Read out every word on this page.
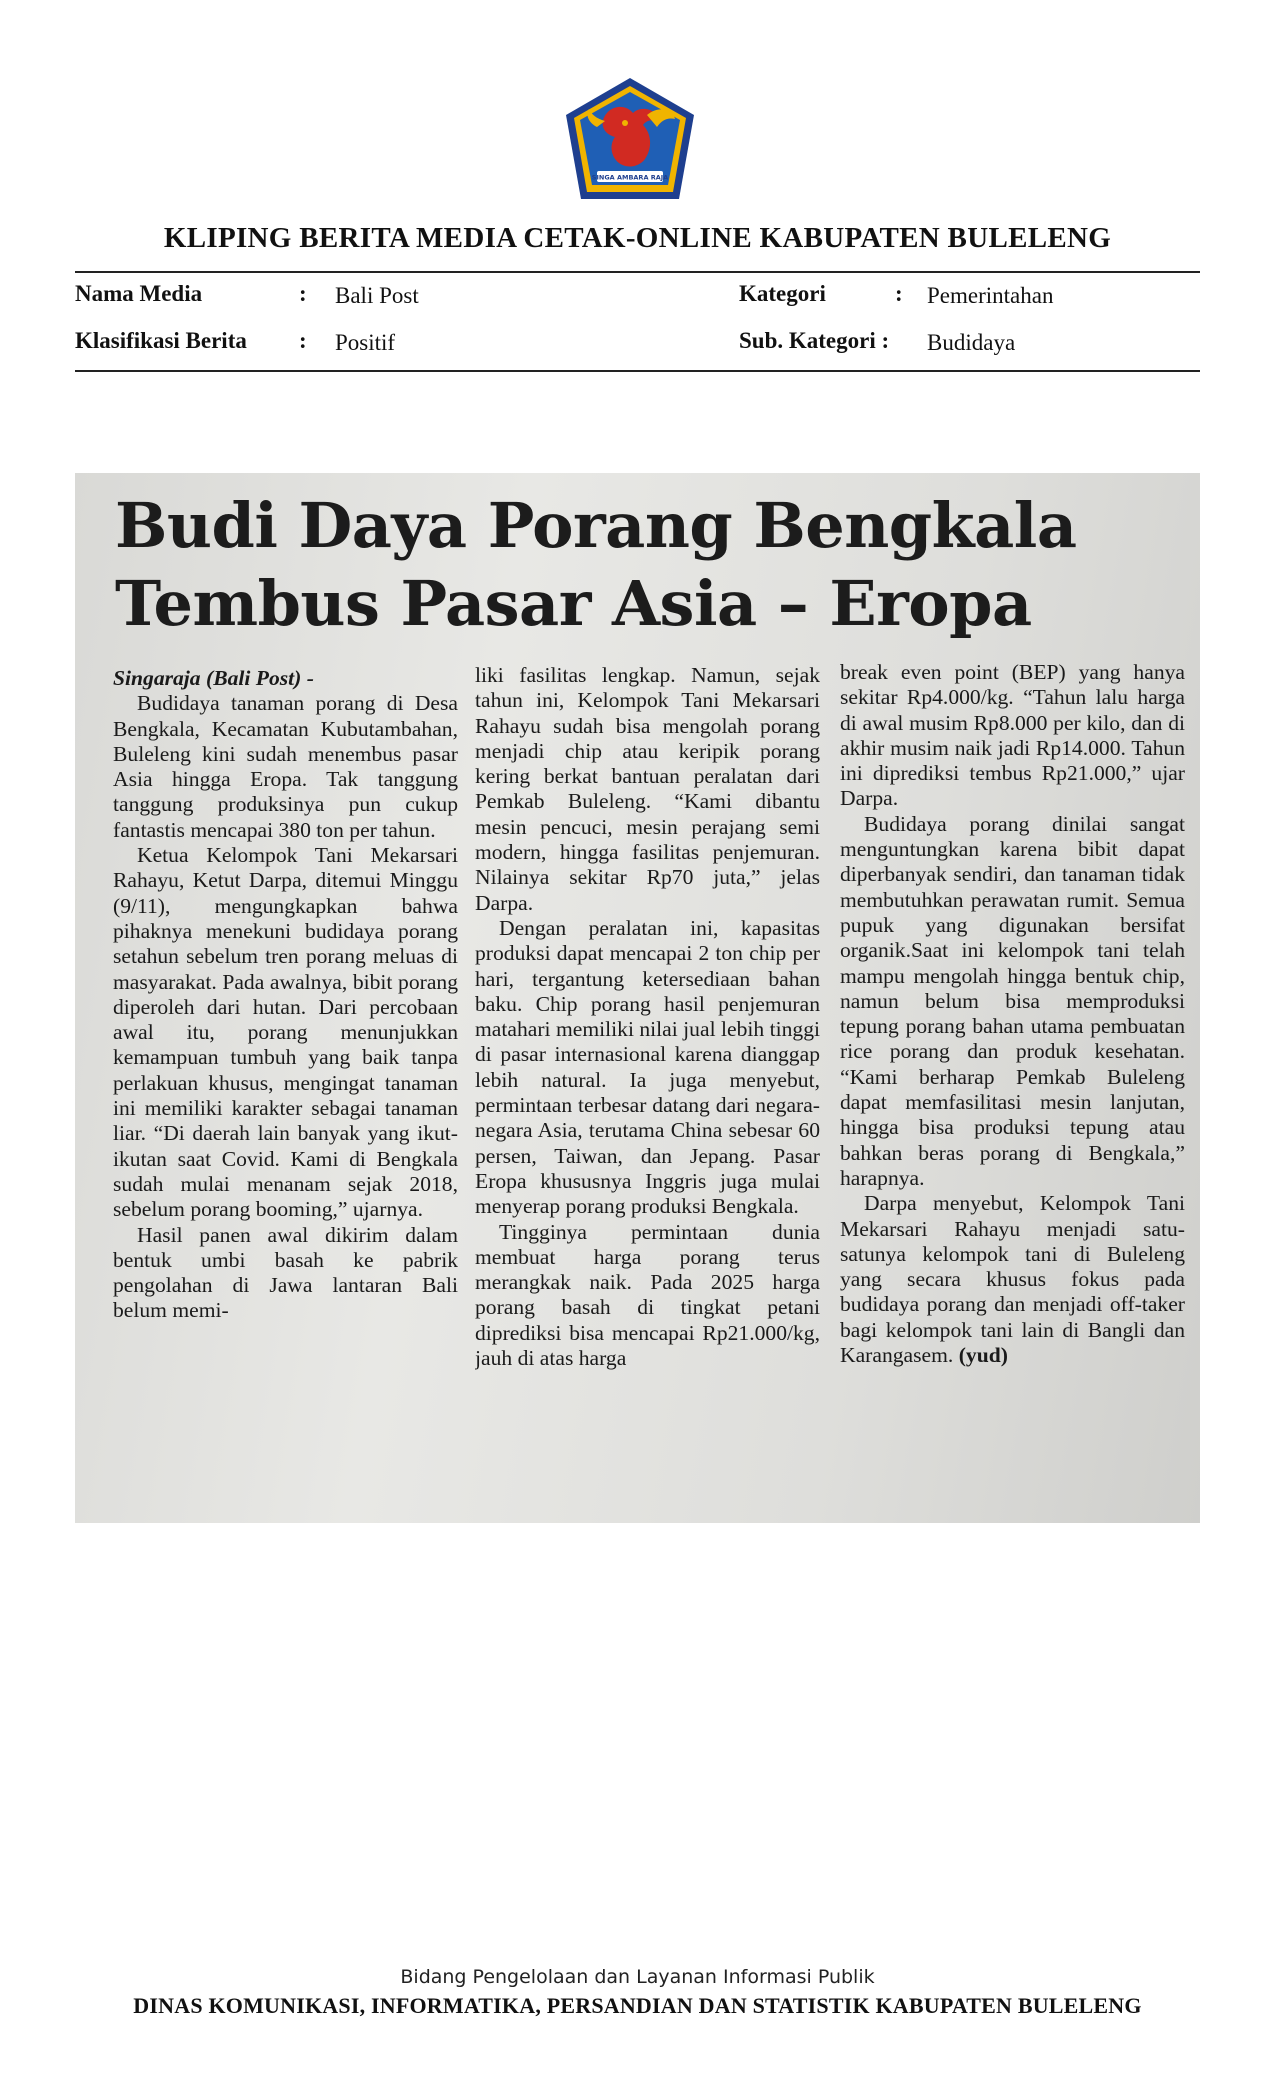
SINGA AMBARA RAJA
KLIPING BERITA MEDIA CETAK-ONLINE KABUPATEN BULELENG
Nama Media	: Bali Post	Kategori	: Pemerintahan
Klasifikasi Berita : Positif	Sub. Kategori : Budidaya
Budi Daya Porang Bengkala
Tembus Pasar Asia – Eropa

Singaraja (Bali Post) -

Budidaya tanaman porang di Desa Bengkala, Kecamatan Kubutambahan, Buleleng kini sudah menembus pasar Asia hingga Eropa. Tak tanggung tanggung produksinya pun cukup fantastis mencapai 380 ton per tahun.

Ketua Kelompok Tani Mekarsari Rahayu, Ketut Darpa, ditemui Minggu (9/11), mengungkapkan bahwa pihaknya menekuni budidaya porang setahun sebelum tren porang meluas di masyarakat. Pada awalnya, bibit porang diperoleh dari hutan. Dari percobaan awal itu, porang menunjukkan kemampuan tumbuh yang baik tanpa perlakuan khusus, mengingat tanaman ini memiliki karakter sebagai tanaman liar. “Di daerah lain banyak yang ikut-ikutan saat Covid. Kami di Bengkala sudah mulai menanam sejak 2018, sebelum porang booming,” ujarnya.

Hasil panen awal dikirim dalam bentuk umbi basah ke pabrik pengolahan di Jawa lantaran Bali belum memi-

liki fasilitas lengkap. Namun, sejak tahun ini, Kelompok Tani Mekarsari Rahayu sudah bisa mengolah porang menjadi chip atau keripik porang kering berkat bantuan peralatan dari Pemkab Buleleng. “Kami dibantu mesin pencuci, mesin perajang semi modern, hingga fasilitas penjemuran. Nilainya sekitar Rp70 juta,” jelas Darpa.

Dengan peralatan ini, kapasitas produksi dapat mencapai 2 ton chip per hari, tergantung ketersediaan bahan baku. Chip porang hasil penjemuran matahari memiliki nilai jual lebih tinggi di pasar internasional karena dianggap lebih natural. Ia juga menyebut, permintaan terbesar datang dari negara-negara Asia, terutama China sebesar 60 persen, Taiwan, dan Jepang. Pasar Eropa khususnya Inggris juga mulai menyerap porang produksi Bengkala.

Tingginya permintaan dunia membuat harga porang terus merangkak naik. Pada 2025 harga porang basah di tingkat petani diprediksi bisa mencapai Rp21.000/kg, jauh di atas harga

break even point (BEP) yang hanya sekitar Rp4.000/kg. “Tahun lalu harga di awal musim Rp8.000 per kilo, dan di akhir musim naik jadi Rp14.000. Tahun ini diprediksi tembus Rp21.000,” ujar Darpa.

Budidaya porang dinilai sangat menguntungkan karena bibit dapat diperbanyak sendiri, dan tanaman tidak membutuhkan perawatan rumit. Semua pupuk yang digunakan bersifat organik.Saat ini kelompok tani telah mampu mengolah hingga bentuk chip, namun belum bisa memproduksi tepung porang bahan utama pembuatan rice porang dan produk kesehatan. “Kami berharap Pemkab Buleleng dapat memfasilitasi mesin lanjutan, hingga bisa produksi tepung atau bahkan beras porang di Bengkala,” harapnya.

Darpa menyebut, Kelompok Tani Mekarsari Rahayu menjadi satu-satunya kelompok tani di Buleleng yang secara khusus fokus pada budidaya porang dan menjadi off-taker bagi kelompok tani lain di Bangli dan Karangasem. (yud)

Bidang Pengelolaan dan Layanan Informasi Publik
DINAS KOMUNIKASI, INFORMATIKA, PERSANDIAN DAN STATISTIK KABUPATEN BULELENG
